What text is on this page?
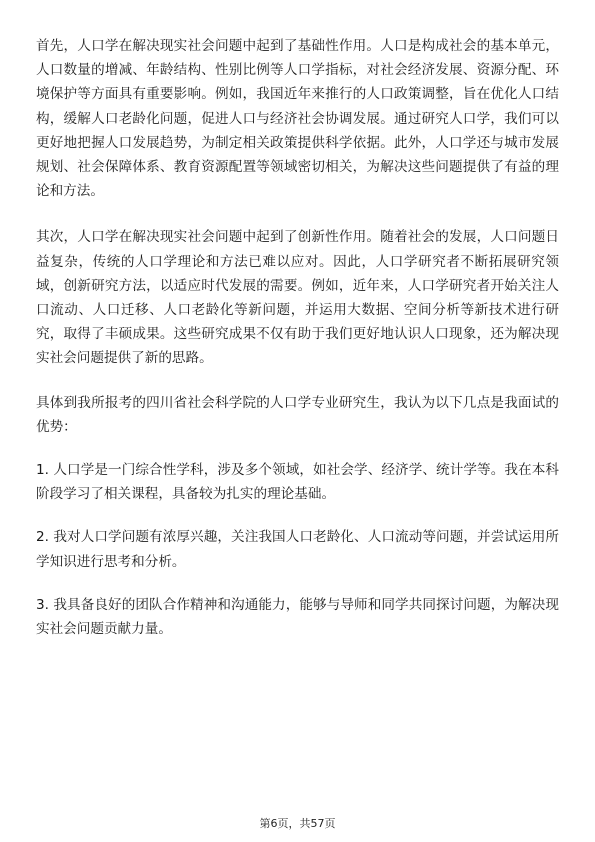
首先，人口学在解决现实社会问题中起到了基础性作用。人口是构成社会的基本单元，人口数量的增减、年龄结构、性别比例等人口学指标，对社会经济发展、资源分配、环境保护等方面具有重要影响。例如，我国近年来推行的人口政策调整，旨在优化人口结构，缓解人口老龄化问题，促进人口与经济社会协调发展。通过研究人口学，我们可以更好地把握人口发展趋势，为制定相关政策提供科学依据。此外，人口学还与城市发展规划、社会保障体系、教育资源配置等领域密切相关，为解决这些问题提供了有益的理论和方法。

其次，人口学在解决现实社会问题中起到了创新性作用。随着社会的发展，人口问题日益复杂，传统的人口学理论和方法已难以应对。因此，人口学研究者不断拓展研究领域，创新研究方法，以适应时代发展的需要。例如，近年来，人口学研究者开始关注人口流动、人口迁移、人口老龄化等新问题，并运用大数据、空间分析等新技术进行研究，取得了丰硕成果。这些研究成果不仅有助于我们更好地认识人口现象，还为解决现实社会问题提供了新的思路。

具体到我所报考的四川省社会科学院的人口学专业研究生，我认为以下几点是我面试的优势：

1. 人口学是一门综合性学科，涉及多个领域，如社会学、经济学、统计学等。我在本科阶段学习了相关课程，具备较为扎实的理论基础。

2. 我对人口学问题有浓厚兴趣，关注我国人口老龄化、人口流动等问题，并尝试运用所学知识进行思考和分析。

3. 我具备良好的团队合作精神和沟通能力，能够与导师和同学共同探讨问题，为解决现实社会问题贡献力量。

第6页，共57页
